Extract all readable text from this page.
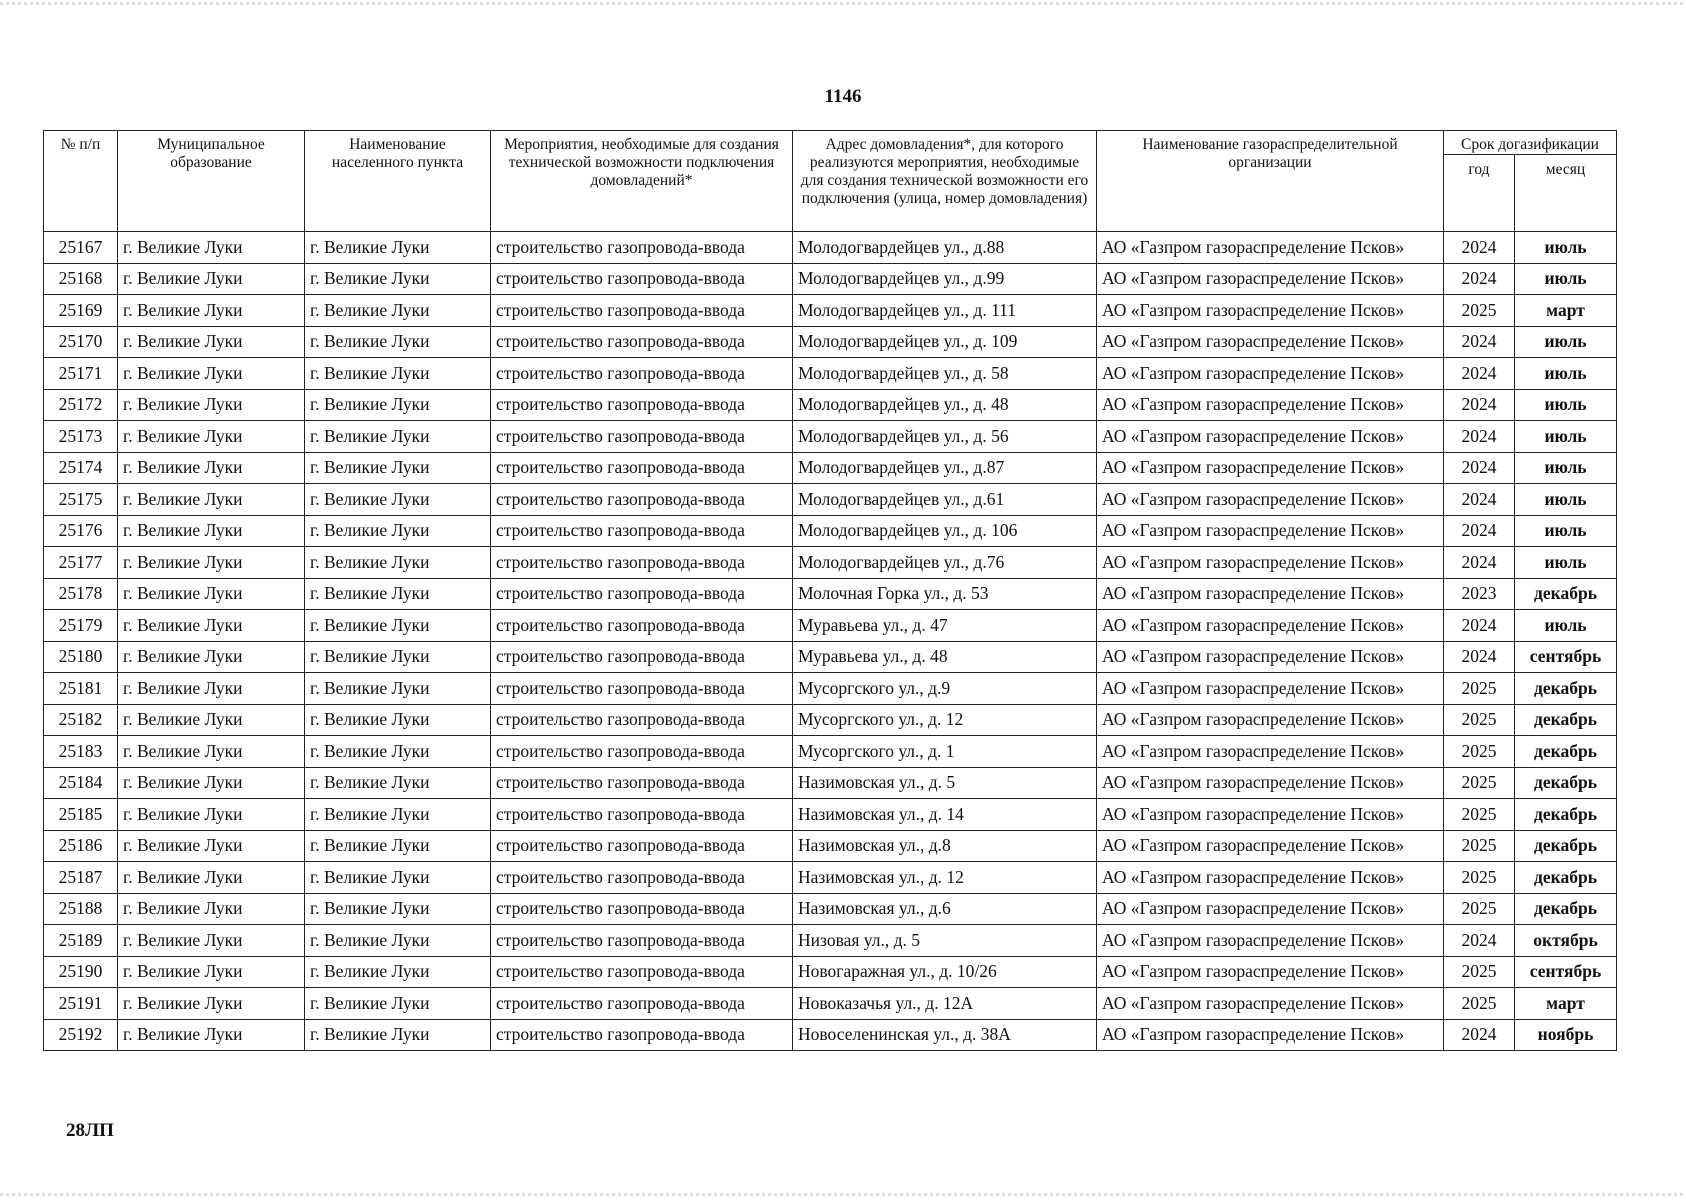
1146
№ п/п	Муниципальное образование	Наименование населенного пункта	Мероприятия, необходимые для создания технической возможности подключения домовладений*	Адрес домовладения*, для которого реализуются мероприятия, необходимые для создания технической возможности его подключения (улица, номер домовладения)	Наименование газораспределительной организации	Срок догазификации	
						год	месяц
25167	г. Великие Луки	г. Великие Луки	строительство газопровода-ввода	Молодогвардейцев ул., д.88	АО «Газпром газораспределение Псков»	2024	июль
25168	г. Великие Луки	г. Великие Луки	строительство газопровода-ввода	Молодогвардейцев ул., д.99	АО «Газпром газораспределение Псков»	2024	июль
25169	г. Великие Луки	г. Великие Луки	строительство газопровода-ввода	Молодогвардейцев ул., д. 111	АО «Газпром газораспределение Псков»	2025	март
25170	г. Великие Луки	г. Великие Луки	строительство газопровода-ввода	Молодогвардейцев ул., д. 109	АО «Газпром газораспределение Псков»	2024	июль
25171	г. Великие Луки	г. Великие Луки	строительство газопровода-ввода	Молодогвардейцев ул., д. 58	АО «Газпром газораспределение Псков»	2024	июль
25172	г. Великие Луки	г. Великие Луки	строительство газопровода-ввода	Молодогвардейцев ул., д. 48	АО «Газпром газораспределение Псков»	2024	июль
25173	г. Великие Луки	г. Великие Луки	строительство газопровода-ввода	Молодогвардейцев ул., д. 56	АО «Газпром газораспределение Псков»	2024	июль
25174	г. Великие Луки	г. Великие Луки	строительство газопровода-ввода	Молодогвардейцев ул., д.87	АО «Газпром газораспределение Псков»	2024	июль
25175	г. Великие Луки	г. Великие Луки	строительство газопровода-ввода	Молодогвардейцев ул., д.61	АО «Газпром газораспределение Псков»	2024	июль
25176	г. Великие Луки	г. Великие Луки	строительство газопровода-ввода	Молодогвардейцев ул., д. 106	АО «Газпром газораспределение Псков»	2024	июль
25177	г. Великие Луки	г. Великие Луки	строительство газопровода-ввода	Молодогвардейцев ул., д.76	АО «Газпром газораспределение Псков»	2024	июль
25178	г. Великие Луки	г. Великие Луки	строительство газопровода-ввода	Молочная Горка ул., д. 53	АО «Газпром газораспределение Псков»	2023	декабрь
25179	г. Великие Луки	г. Великие Луки	строительство газопровода-ввода	Муравьева ул., д. 47	АО «Газпром газораспределение Псков»	2024	июль
25180	г. Великие Луки	г. Великие Луки	строительство газопровода-ввода	Муравьева ул., д. 48	АО «Газпром газораспределение Псков»	2024	сентябрь
25181	г. Великие Луки	г. Великие Луки	строительство газопровода-ввода	Мусоргского ул., д.9	АО «Газпром газораспределение Псков»	2025	декабрь
25182	г. Великие Луки	г. Великие Луки	строительство газопровода-ввода	Мусоргского ул., д. 12	АО «Газпром газораспределение Псков»	2025	декабрь
25183	г. Великие Луки	г. Великие Луки	строительство газопровода-ввода	Мусоргского ул., д. 1	АО «Газпром газораспределение Псков»	2025	декабрь
25184	г. Великие Луки	г. Великие Луки	строительство газопровода-ввода	Назимовская ул., д. 5	АО «Газпром газораспределение Псков»	2025	декабрь
25185	г. Великие Луки	г. Великие Луки	строительство газопровода-ввода	Назимовская ул., д. 14	АО «Газпром газораспределение Псков»	2025	декабрь
25186	г. Великие Луки	г. Великие Луки	строительство газопровода-ввода	Назимовская ул., д.8	АО «Газпром газораспределение Псков»	2025	декабрь
25187	г. Великие Луки	г. Великие Луки	строительство газопровода-ввода	Назимовская ул., д. 12	АО «Газпром газораспределение Псков»	2025	декабрь
25188	г. Великие Луки	г. Великие Луки	строительство газопровода-ввода	Назимовская ул., д.6	АО «Газпром газораспределение Псков»	2025	декабрь
25189	г. Великие Луки	г. Великие Луки	строительство газопровода-ввода	Низовая ул., д. 5	АО «Газпром газораспределение Псков»	2024	октябрь
25190	г. Великие Луки	г. Великие Луки	строительство газопровода-ввода	Новогаражная ул., д. 10/26	АО «Газпром газораспределение Псков»	2025	сентябрь
25191	г. Великие Луки	г. Великие Луки	строительство газопровода-ввода	Новоказачья ул., д. 12А	АО «Газпром газораспределение Псков»	2025	март
25192	г. Великие Луки	г. Великие Луки	строительство газопровода-ввода	Новоселенинская ул., д. 38А	АО «Газпром газораспределение Псков»	2024	ноябрь
28ЛП
